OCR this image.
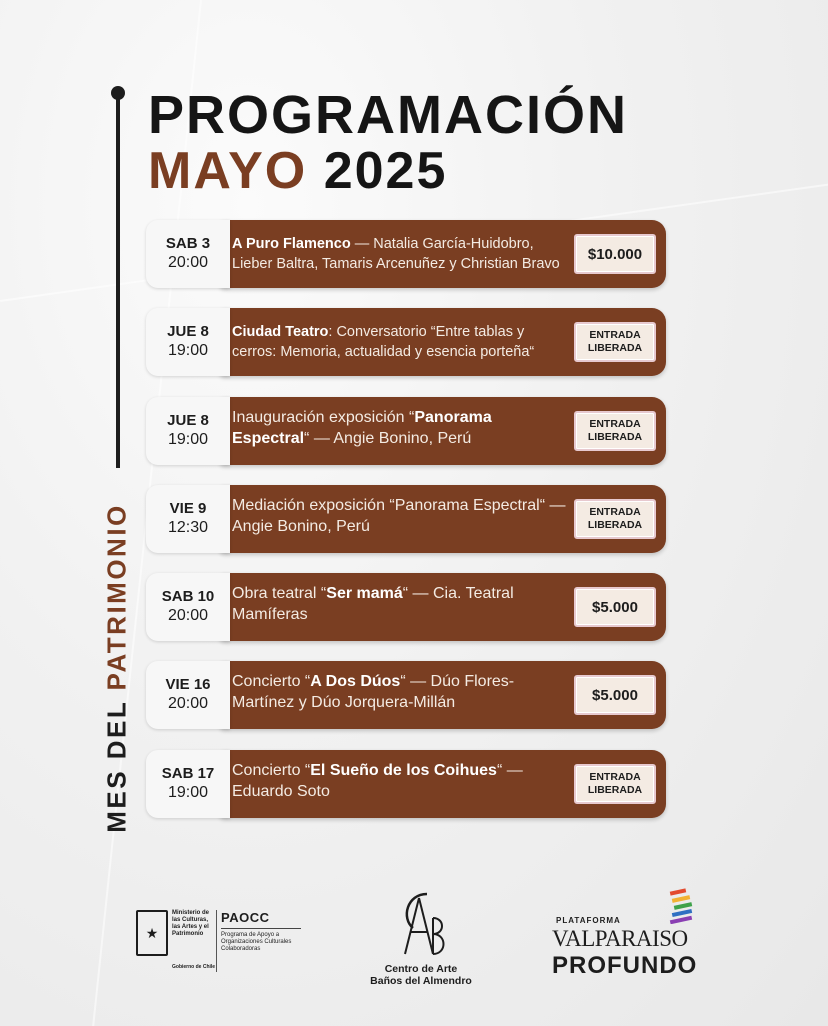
MES DEL PATRIMONIO
PROGRAMACIÓN
MAYO 2025
A Puro Flamenco — Natalia García-Huidobro, Lieber Baltra, Tamaris Arcenuñez y Christian Bravo
$10.000
SAB 3
20:00
Ciudad Teatro: Conversatorio “Entre tablas y cerros: Memoria, actualidad y esencia porteña“
ENTRADA
LIBERADA
JUE 8
19:00
Inauguración exposición “Panorama Espectral“ — Angie Bonino, Perú
ENTRADA
LIBERADA
JUE 8
19:00
Mediación exposición “Panorama Espectral“ — Angie Bonino, Perú
ENTRADA
LIBERADA
VIE 9
12:30
Obra teatral “Ser mamá“ — Cia. Teatral Mamíferas	$5.000
SAB 10
20:00
Concierto “A Dos Dúos“ — Dúo Flores-Martínez y Dúo Jorquera-Millán	$5.000
VIE 16
20:00
Concierto “El Sueño de los Coihues“ — Eduardo Soto
ENTRADA
LIBERADA
SAB 17
19:00
★
Ministerio de las Culturas, las Artes y el Patrimonio
Gobierno de Chile
PAOCC
Programa de Apoyo a Organizaciones Culturales Colaboradoras
Centro de Arte
Baños del Almendro
PLATAFORMA
VALPARAISO
PROFUNDO
